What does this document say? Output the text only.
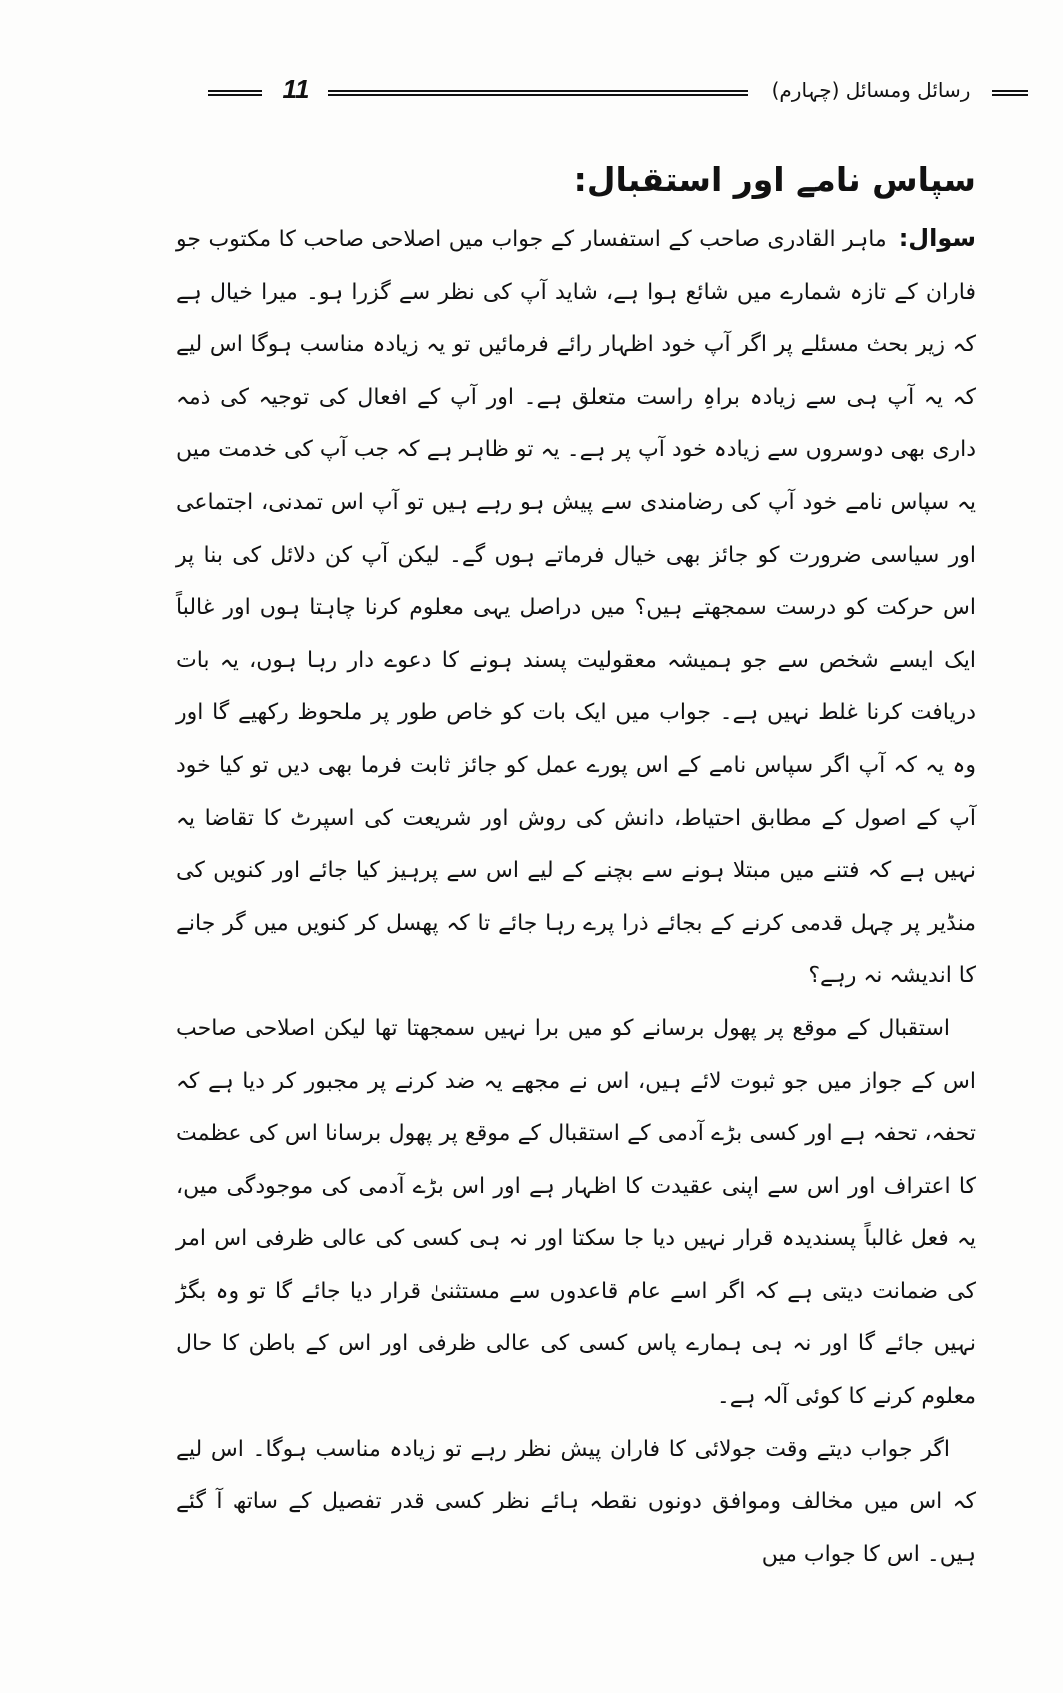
11	رسائل ومسائل (چہارم)
سپاس نامے اور استقبال:

سوال:ماہر القادری صاحب کے استفسار کے جواب میں اصلاحی صاحب کا مکتوب جو فاران کے تازہ شمارے میں شائع ہوا ہے، شاید آپ کی نظر سے گزرا ہو۔ میرا خیال ہے کہ زیر بحث مسئلے پر اگر آپ خود اظہار رائے فرمائیں تو یہ زیادہ مناسب ہوگا اس لیے کہ یہ آپ ہی سے زیادہ براہِ راست متعلق ہے۔ اور آپ کے افعال کی توجیہ کی ذمہ داری بھی دوسروں سے زیادہ خود آپ پر ہے۔ یہ تو ظاہر ہے کہ جب آپ کی خدمت میں یہ سپاس نامے خود آپ کی رضامندی سے پیش ہو رہے ہیں تو آپ اس تمدنی، اجتماعی اور سیاسی ضرورت کو جائز بھی خیال فرماتے ہوں گے۔ لیکن آپ کن دلائل کی بنا پر اس حرکت کو درست سمجھتے ہیں؟ میں دراصل یہی معلوم کرنا چاہتا ہوں اور غالباً ایک ایسے شخص سے جو ہمیشہ معقولیت پسند ہونے کا دعوے دار رہا ہوں، یہ بات دریافت کرنا غلط نہیں ہے۔ جواب میں ایک بات کو خاص طور پر ملحوظ رکھیے گا اور وہ یہ کہ آپ اگر سپاس نامے کے اس پورے عمل کو جائز ثابت فرما بھی دیں تو کیا خود آپ کے اصول کے مطابق احتیاط، دانش کی روش اور شریعت کی اسپرٹ کا تقاضا یہ نہیں ہے کہ فتنے میں مبتلا ہونے سے بچنے کے لیے اس سے پرہیز کیا جائے اور کنویں کی منڈیر پر چہل قدمی کرنے کے بجائے ذرا پرے رہا جائے تا کہ پھسل کر کنویں میں گر جانے کا اندیشہ نہ رہے؟

استقبال کے موقع پر پھول برسانے کو میں برا نہیں سمجھتا تھا لیکن اصلاحی صاحب اس کے جواز میں جو ثبوت لائے ہیں، اس نے مجھے یہ ضد کرنے پر مجبور کر دیا ہے کہ تحفہ، تحفہ ہے اور کسی بڑے آدمی کے استقبال کے موقع پر پھول برسانا اس کی عظمت کا اعتراف اور اس سے اپنی عقیدت کا اظہار ہے اور اس بڑے آدمی کی موجودگی میں، یہ فعل غالباً پسندیدہ قرار نہیں دیا جا سکتا اور نہ ہی کسی کی عالی ظرفی اس امر کی ضمانت دیتی ہے کہ اگر اسے عام قاعدوں سے مستثنیٰ قرار دیا جائے گا تو وہ بگڑ نہیں جائے گا اور نہ ہی ہمارے پاس کسی کی عالی ظرفی اور اس کے باطن کا حال معلوم کرنے کا کوئی آلہ ہے۔

اگر جواب دیتے وقت جولائی کا فاران پیش نظر رہے تو زیادہ مناسب ہوگا۔ اس لیے کہ اس میں مخالف وموافق دونوں نقطہ ہائے نظر کسی قدر تفصیل کے ساتھ آ گئے ہیں۔ اس کا جواب میں
